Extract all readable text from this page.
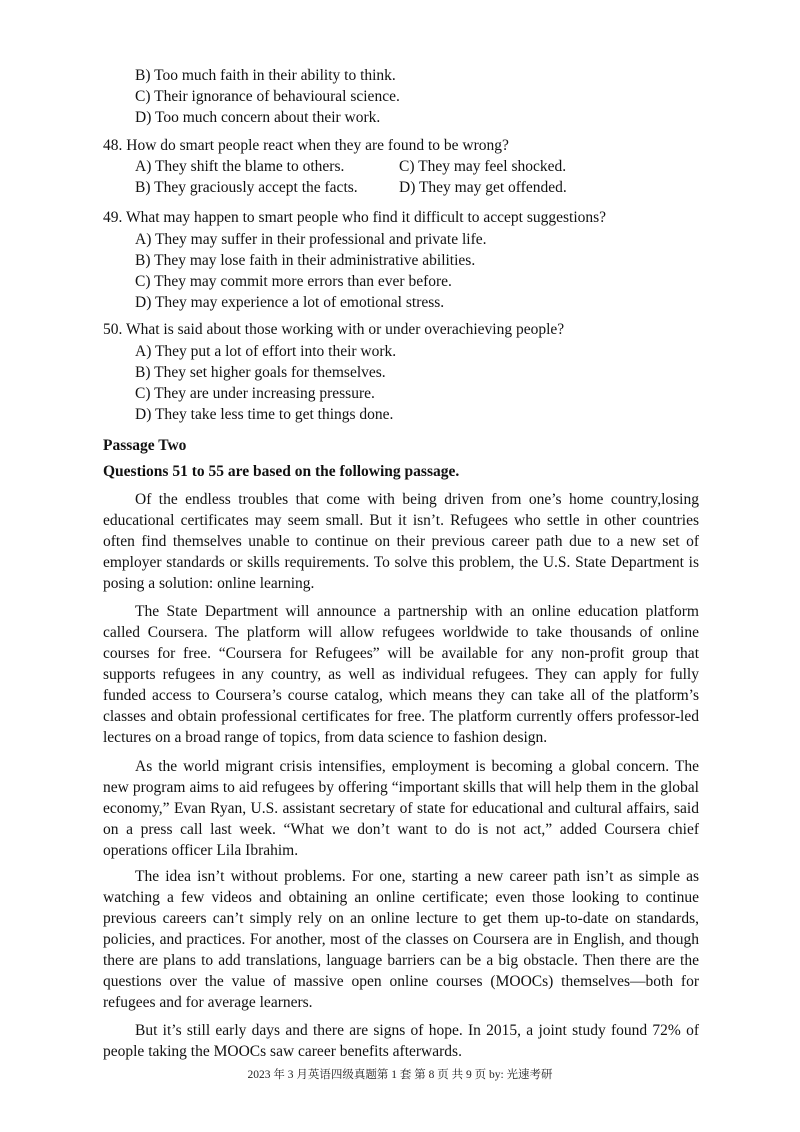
B) Too much faith in their ability to think.
C) Their ignorance of behavioural science.
D) Too much concern about their work.
48. How do smart people react when they are found to be wrong?
A) They shift the blame to others.	C) They may feel shocked.
B) They graciously accept the facts.	D) They may get offended.
49. What may happen to smart people who find it difficult to accept suggestions?
A) They may suffer in their professional and private life.
B) They may lose faith in their administrative abilities.
C) They may commit more errors than ever before.
D) They may experience a lot of emotional stress.
50. What is said about those working with or under overachieving people?
A) They put a lot of effort into their work.
B) They set higher goals for themselves.
C) They are under increasing pressure.
D) They take less time to get things done.
Passage Two
Questions 51 to 55 are based on the following passage.
Of the endless troubles that come with being driven from one’s home country,losing educational certificates may seem small. But it isn’t. Refugees who settle in other countries often find themselves unable to continue on their previous career path due to a new set of employer standards or skills requirements. To solve this problem, the U.S. State Department is posing a solution: online learning.
The State Department will announce a partnership with an online education platform called Coursera. The platform will allow refugees worldwide to take thousands of online courses for free. “Coursera for Refugees” will be available for any non-profit group that supports refugees in any country, as well as individual refugees. They can apply for fully funded access to Coursera’s course catalog, which means they can take all of the platform’s classes and obtain professional certificates for free. The platform currently offers professor-led lectures on a broad range of topics, from data science to fashion design.
As the world migrant crisis intensifies, employment is becoming a global concern. The new program aims to aid refugees by offering “important skills that will help them in the global economy,” Evan Ryan, U.S. assistant secretary of state for educational and cultural affairs, said on a press call last week. “What we don’t want to do is not act,” added Coursera chief operations officer Lila Ibrahim.
The idea isn’t without problems. For one, starting a new career path isn’t as simple as watching a few videos and obtaining an online certificate; even those looking to continue previous careers can’t simply rely on an online lecture to get them up-to-date on standards, policies, and practices. For another, most of the classes on Coursera are in English, and though there are plans to add translations, language barriers can be a big obstacle. Then there are the questions over the value of massive open online courses (MOOCs) themselves—both for refugees and for average learners.
But it’s still early days and there are signs of hope. In 2015, a joint study found 72% of people taking the MOOCs saw career benefits afterwards.
2023 年 3 月英语四级真题第 1 套 第 8 页 共 9 页 by: 光速考研
